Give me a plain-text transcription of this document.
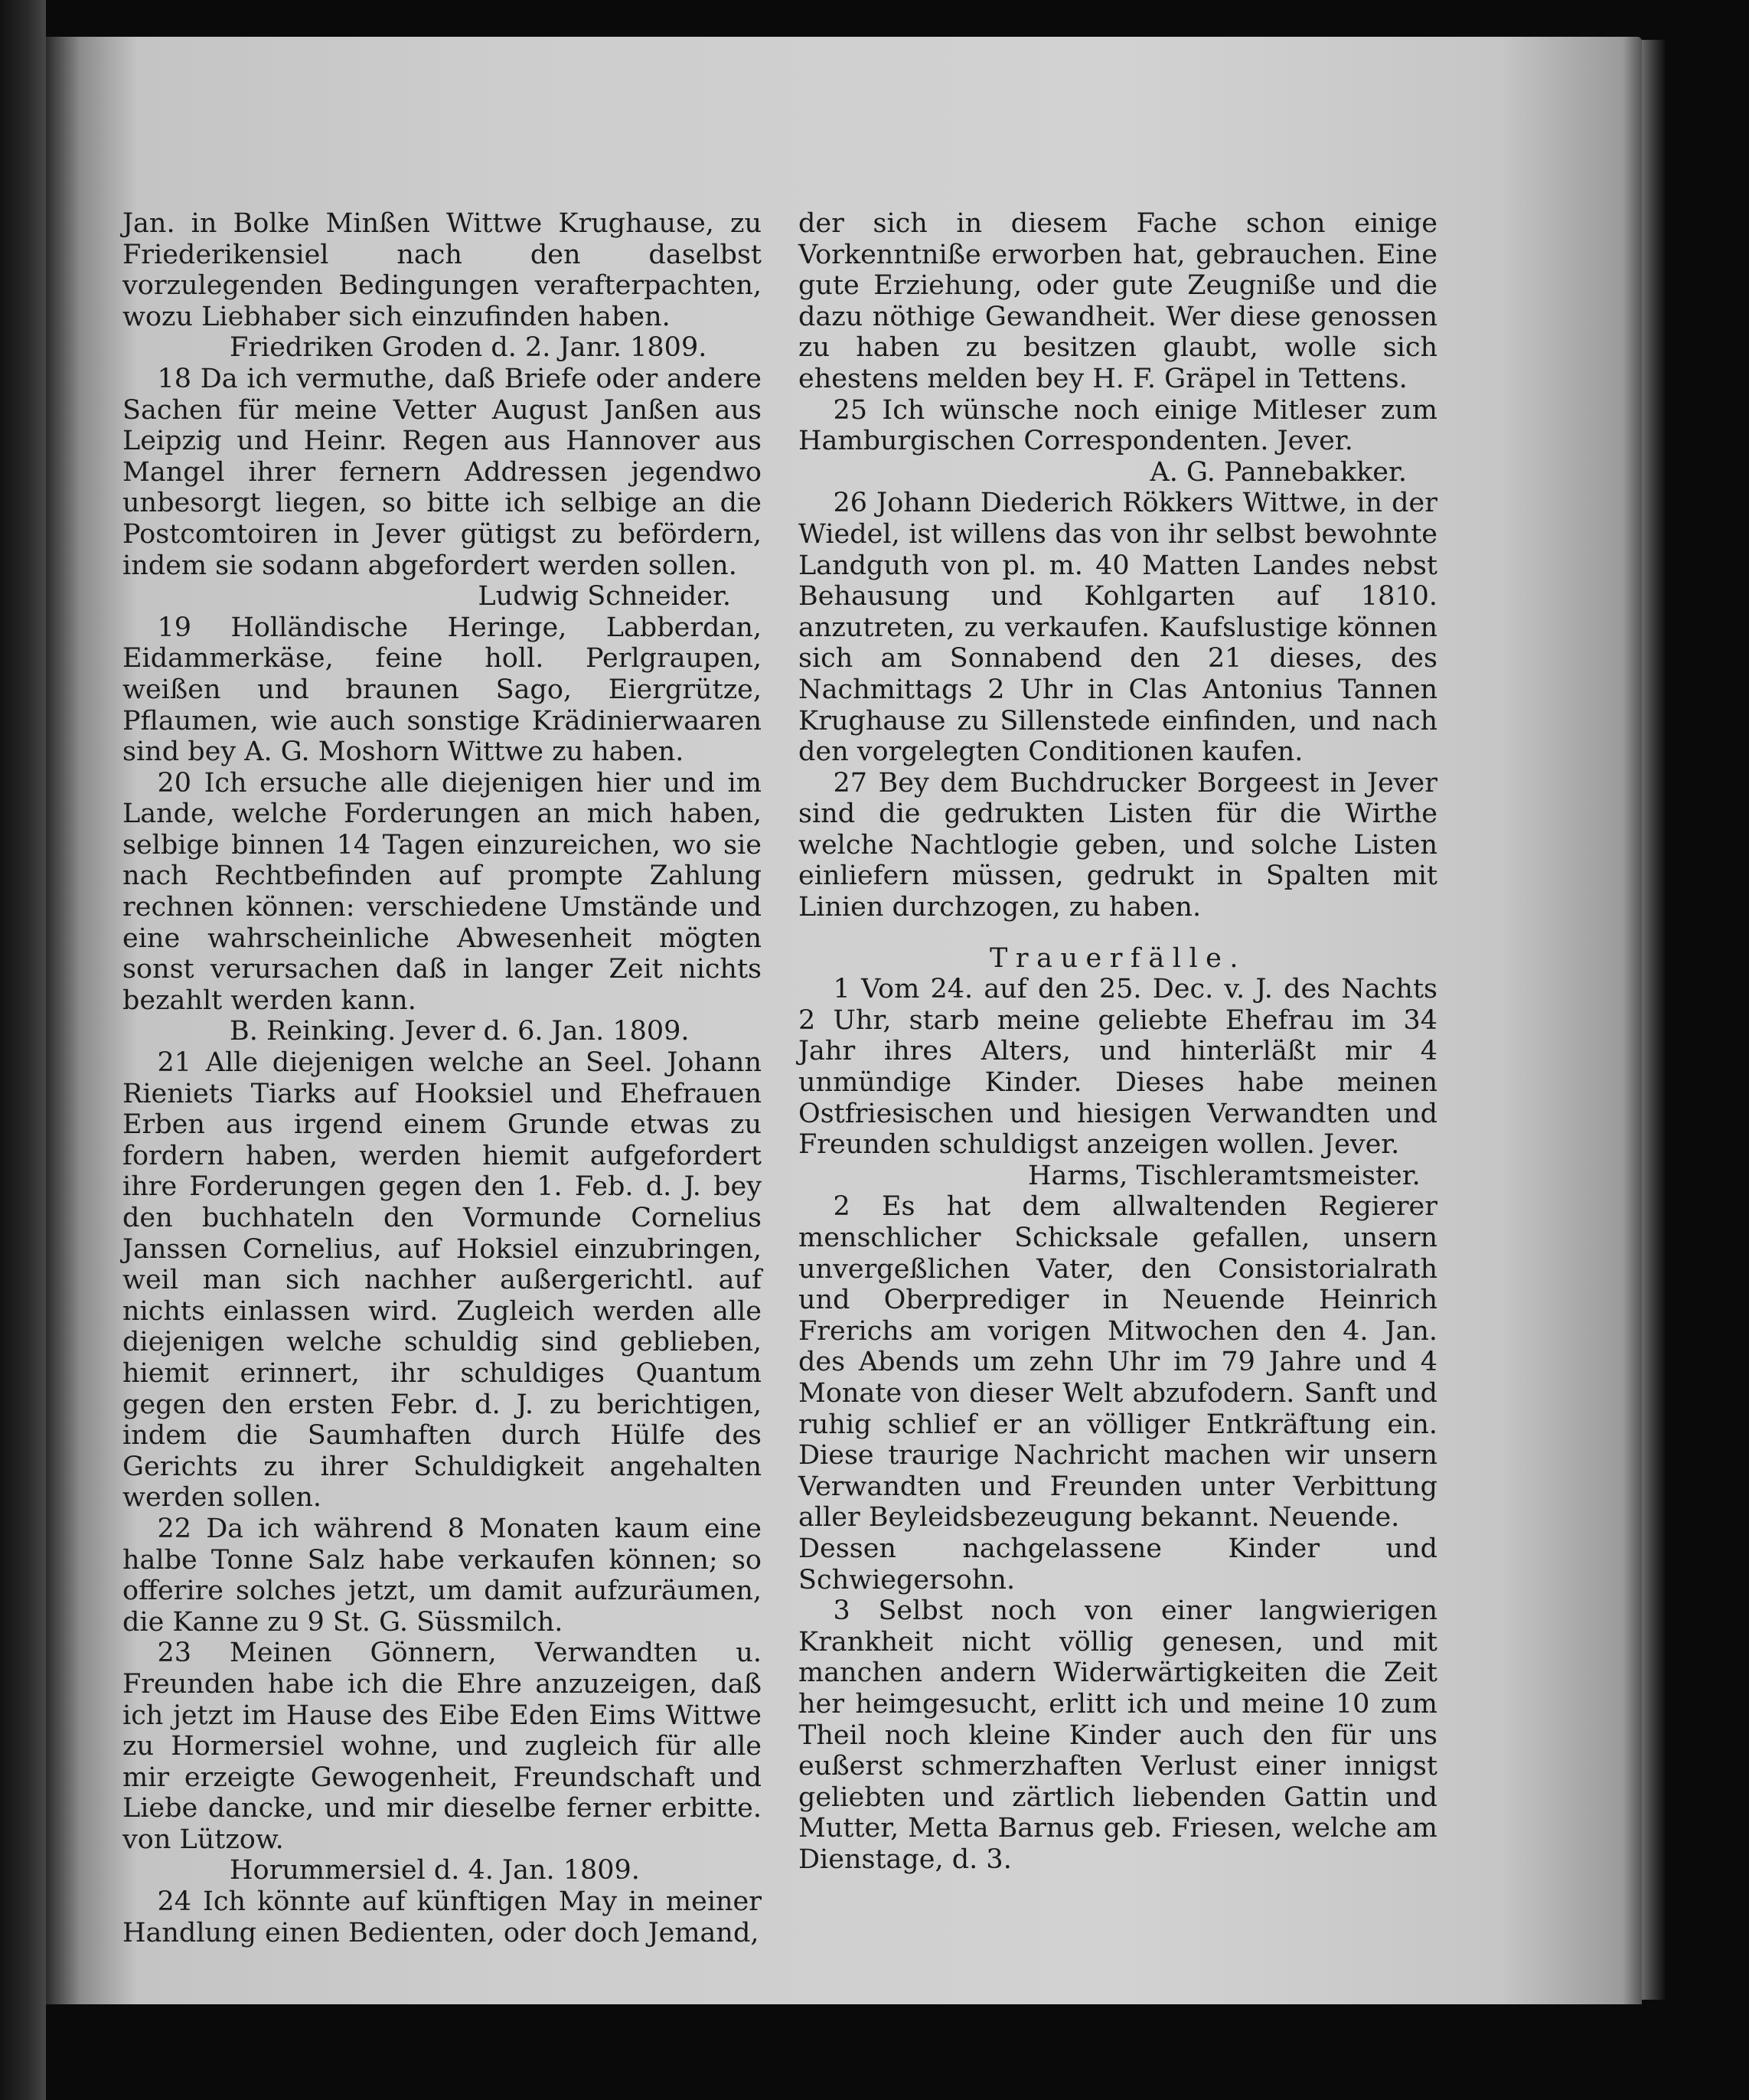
Jan. in Bolke Minßen Wittwe Krughause, zu Friederikensiel nach den daselbst vorzulegenden Bedingungen verafterpachten, wozu Liebhaber sich einzufinden haben.

Friedriken Groden d. 2. Janr. 1809.

18 Da ich vermuthe, daß Briefe oder andere Sachen für meine Vetter August Janßen aus Leipzig und Heinr. Regen aus Hannover aus Mangel ihrer fernern Addressen jegendwo unbesorgt liegen, so bitte ich selbige an die Postcomtoiren in Jever gütigst zu befördern, indem sie sodann abgefordert werden sollen.

Ludwig Schneider.

19 Holländische Heringe, Labberdan, Eidammerkäse, feine holl. Perlgraupen, weißen und braunen Sago, Eiergrütze, Pflaumen, wie auch sonstige Krädinierwaaren sind bey A. G. Moshorn Wittwe zu haben.

20 Ich ersuche alle diejenigen hier und im Lande, welche Forderungen an mich haben, selbige binnen 14 Tagen einzureichen, wo sie nach Rechtbefinden auf prompte Zahlung rechnen können: verschiedene Umstände und eine wahrscheinliche Abwesenheit mögten sonst verursachen daß in langer Zeit nichts bezahlt werden kann.

B. Reinking. Jever d. 6. Jan. 1809.

21 Alle diejenigen welche an Seel. Johann Rieniets Tiarks auf Hooksiel und Ehefrauen Erben aus irgend einem Grunde etwas zu fordern haben, werden hiemit aufgefordert ihre Forderungen gegen den 1. Feb. d. J. bey den buchhateln den Vormunde Cornelius Janssen Cornelius, auf Hoksiel einzubringen, weil man sich nachher außergerichtl. auf nichts einlassen wird. Zugleich werden alle diejenigen welche schuldig sind geblieben, hiemit erinnert, ihr schuldiges Quantum gegen den ersten Febr. d. J. zu berichtigen, indem die Saumhaften durch Hülfe des Gerichts zu ihrer Schuldigkeit angehalten werden sollen.

22 Da ich während 8 Monaten kaum eine halbe Tonne Salz habe verkaufen können; so offerire solches jetzt, um damit aufzuräumen, die Kanne zu 9 St. G. Süssmilch.

23 Meinen Gönnern, Verwandten u. Freunden habe ich die Ehre anzuzeigen, daß ich jetzt im Hause des Eibe Eden Eims Wittwe zu Hormersiel wohne, und zugleich für alle mir erzeigte Gewogenheit, Freundschaft und Liebe dancke, und mir dieselbe ferner erbitte. von Lützow.

Horummersiel d. 4. Jan. 1809.

24 Ich könnte auf künftigen May in meiner Handlung einen Bedienten, oder doch Jemand,

der sich in diesem Fache schon einige Vorkenntniße erworben hat, gebrauchen. Eine gute Erziehung, oder gute Zeugniße und die dazu nöthige Gewandheit. Wer diese genossen zu haben zu besitzen glaubt, wolle sich ehestens melden bey H. F. Gräpel in Tettens.

25 Ich wünsche noch einige Mitleser zum Hamburgischen Correspondenten. Jever.

A. G. Pannebakker.

26 Johann Diederich Rökkers Wittwe, in der Wiedel, ist willens das von ihr selbst bewohnte Landguth von pl. m. 40 Matten Landes nebst Behausung und Kohlgarten auf 1810. anzutreten, zu verkaufen. Kaufslustige können sich am Sonnabend den 21 dieses, des Nachmittags 2 Uhr in Clas Antonius Tannen Krughause zu Sillenstede einfinden, und nach den vorgelegten Conditionen kaufen.

27 Bey dem Buchdrucker Borgeest in Jever sind die gedrukten Listen für die Wirthe welche Nachtlogie geben, und solche Listen einliefern müssen, gedrukt in Spalten mit Linien durchzogen, zu haben.

Trauerfälle.

1 Vom 24. auf den 25. Dec. v. J. des Nachts 2 Uhr, starb meine geliebte Ehefrau im 34 Jahr ihres Alters, und hinterläßt mir 4 unmündige Kinder. Dieses habe meinen Ostfriesischen und hiesigen Verwandten und Freunden schuldigst anzeigen wollen. Jever.

Harms, Tischleramtsmeister.

2 Es hat dem allwaltenden Regierer menschlicher Schicksale gefallen, unsern unvergeßlichen Vater, den Consistorialrath und Oberprediger in Neuende Heinrich Frerichs am vorigen Mitwochen den 4. Jan. des Abends um zehn Uhr im 79 Jahre und 4 Monate von dieser Welt abzufodern. Sanft und ruhig schlief er an völliger Entkräftung ein. Diese traurige Nachricht machen wir unsern Verwandten und Freunden unter Verbittung aller Beyleidsbezeugung bekannt. Neuende.

Dessen nachgelassene Kinder und Schwiegersohn.

3 Selbst noch von einer langwierigen Krankheit nicht völlig genesen, und mit manchen andern Widerwärtigkeiten die Zeit her heimgesucht, erlitt ich und meine 10 zum Theil noch kleine Kinder auch den für uns eußerst schmerzhaften Verlust einer innigst geliebten und zärtlich liebenden Gattin und Mutter, Metta Barnus geb. Friesen, welche am Dienstage, d. 3.
